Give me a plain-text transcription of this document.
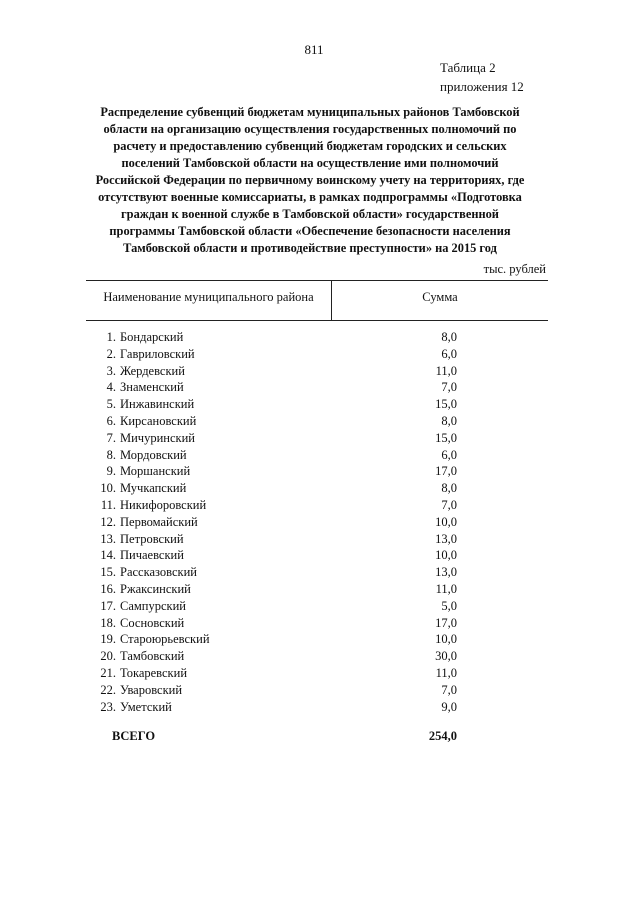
811
Таблица 2
приложения 12
Распределение субвенций бюджетам муниципальных районов Тамбовской
области на организацию осуществления государственных полномочий по
расчету и предоставлению субвенций бюджетам городских и сельских
поселений Тамбовской области на осуществление ими полномочий
Российской Федерации по первичному воинскому учету на территориях, где
отсутствуют военные комиссариаты, в рамках подпрограммы «Подготовка
граждан к военной службе в Тамбовской области» государственной
программы Тамбовской области «Обеспечение безопасности населения
Тамбовской области и противодействие преступности» на 2015 год
тыс. рублей
Наименование муниципального района	Сумма
1. Бондарский	8,0
2. Гавриловский	6,0
3. Жердевский	11,0
4. Знаменский	7,0
5. Инжавинский	15,0
6. Кирсановский	8,0
7. Мичуринский	15,0
8. Мордовский	6,0
9. Моршанский	17,0
10. Мучкапский	8,0
11. Никифоровский	7,0
12. Первомайский	10,0
13. Петровский	13,0
14. Пичаевский	10,0
15. Рассказовский	13,0
16. Ржаксинский	11,0
17. Сампурский	5,0
18. Сосновский	17,0
19. Староюрьевский	10,0
20. Тамбовский	30,0
21. Токаревский	11,0
22. Уваровский	7,0
23. Уметский	9,0
ВСЕГО	254,0
